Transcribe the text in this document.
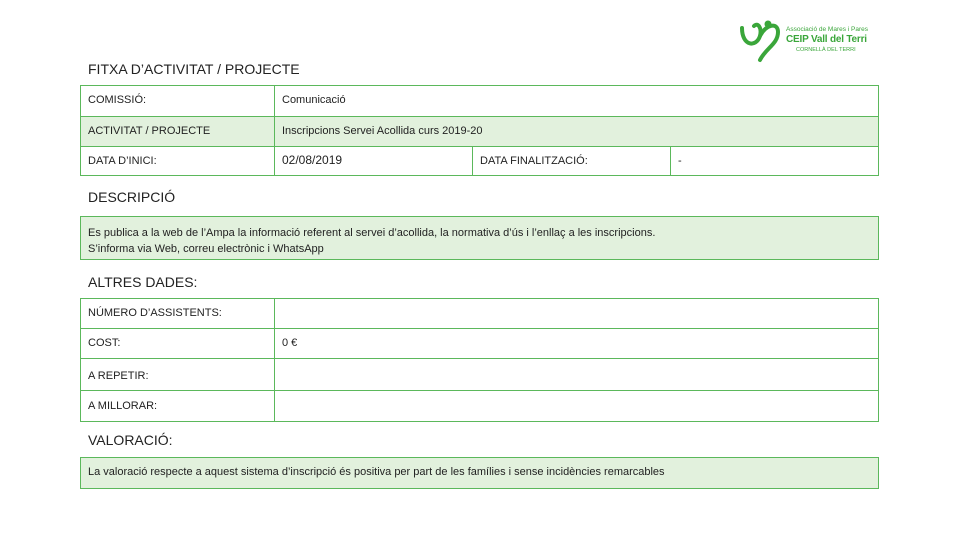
Associació de Mares i Pares
CEIP Vall del Terri
CORNELLÀ DEL TERRI
FITXA D’ACTIVITAT / PROJECTE
COMISSIÓ:	Comunicació
ACTIVITAT / PROJECTE	Inscripcions Servei Acollida curs 2019-20
DATA D’INICI:	02/08/2019	DATA FINALITZACIÓ:	-
DESCRIPCIÓ
Es publica a la web de l’Ampa la informació referent al servei d’acollida, la normativa d’ús i l’enllaç a les inscripcions.
S’informa via Web, correu electrònic i WhatsApp
ALTRES DADES:
NÚMERO D’ASSISTENTS:
COST:	0 €
A REPETIR:
A MILLORAR:
VALORACIÓ:
La valoració respecte a aquest sistema d’inscripció és positiva per part de les famílies i sense incidències remarcables
